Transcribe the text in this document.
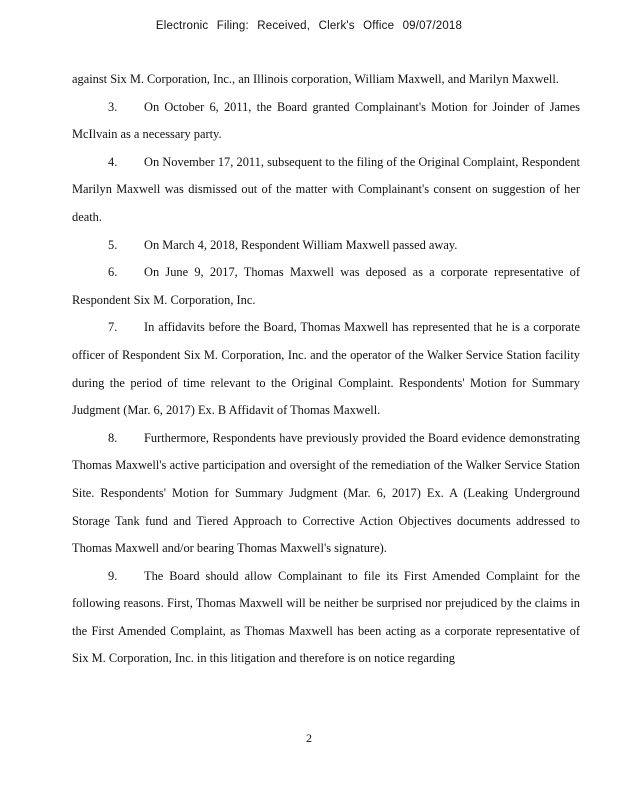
Electronic Filing: Received, Clerk's Office 09/07/2018

against Six M. Corporation, Inc., an Illinois corporation, William Maxwell, and Marilyn Maxwell.

3. On October 6, 2011, the Board granted Complainant's Motion for Joinder of James McIlvain as a necessary party.

4. On November 17, 2011, subsequent to the filing of the Original Complaint, Respondent Marilyn Maxwell was dismissed out of the matter with Complainant's consent on suggestion of her death.

5. On March 4, 2018, Respondent William Maxwell passed away.

6. On June 9, 2017, Thomas Maxwell was deposed as a corporate representative of Respondent Six M. Corporation, Inc.

7. In affidavits before the Board, Thomas Maxwell has represented that he is a corporate officer of Respondent Six M. Corporation, Inc. and the operator of the Walker Service Station facility during the period of time relevant to the Original Complaint. Respondents' Motion for Summary Judgment (Mar. 6, 2017) Ex. B Affidavit of Thomas Maxwell.

8. Furthermore, Respondents have previously provided the Board evidence demonstrating Thomas Maxwell's active participation and oversight of the remediation of the Walker Service Station Site. Respondents' Motion for Summary Judgment (Mar. 6, 2017) Ex. A (Leaking Underground Storage Tank fund and Tiered Approach to Corrective Action Objectives documents addressed to Thomas Maxwell and/or bearing Thomas Maxwell's signature).

9. The Board should allow Complainant to file its First Amended Complaint for the following reasons. First, Thomas Maxwell will be neither be surprised nor prejudiced by the claims in the First Amended Complaint, as Thomas Maxwell has been acting as a corporate representative of Six M. Corporation, Inc. in this litigation and therefore is on notice regarding

2
